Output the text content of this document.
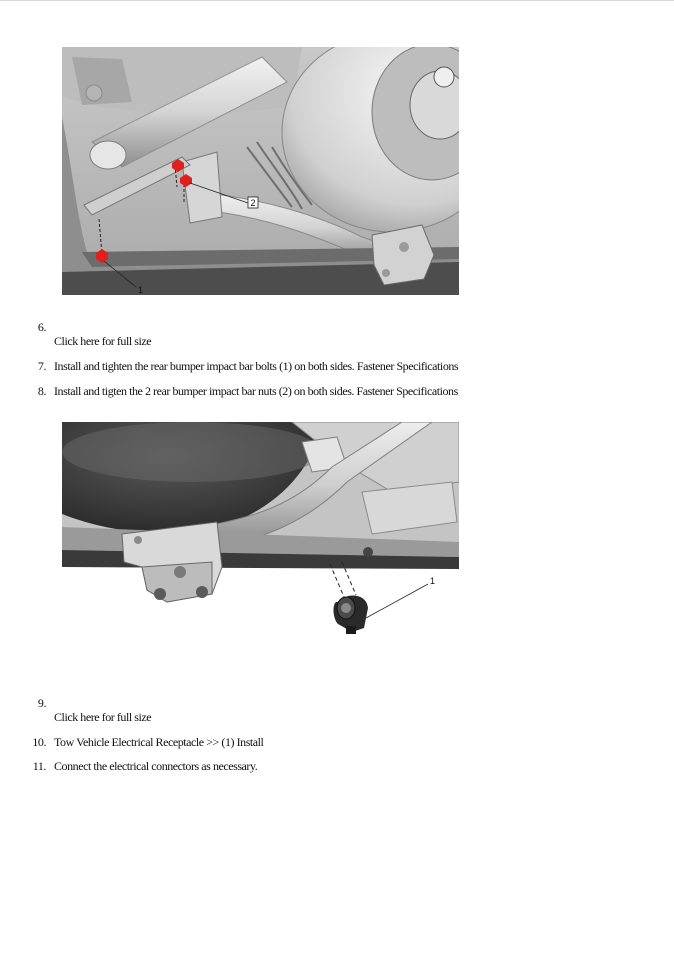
1
2
6.
Click here for full size
7. Install and tighten the rear bumper impact bar bolts (1) on both sides. Fastener Specifications
8. Install and tigten the 2 rear bumper impact bar nuts (2) on both sides. Fastener Specifications
1
9.
Click here for full size
10. Tow Vehicle Electrical Receptacle >> (1) Install
11. Connect the electrical connectors as necessary.
